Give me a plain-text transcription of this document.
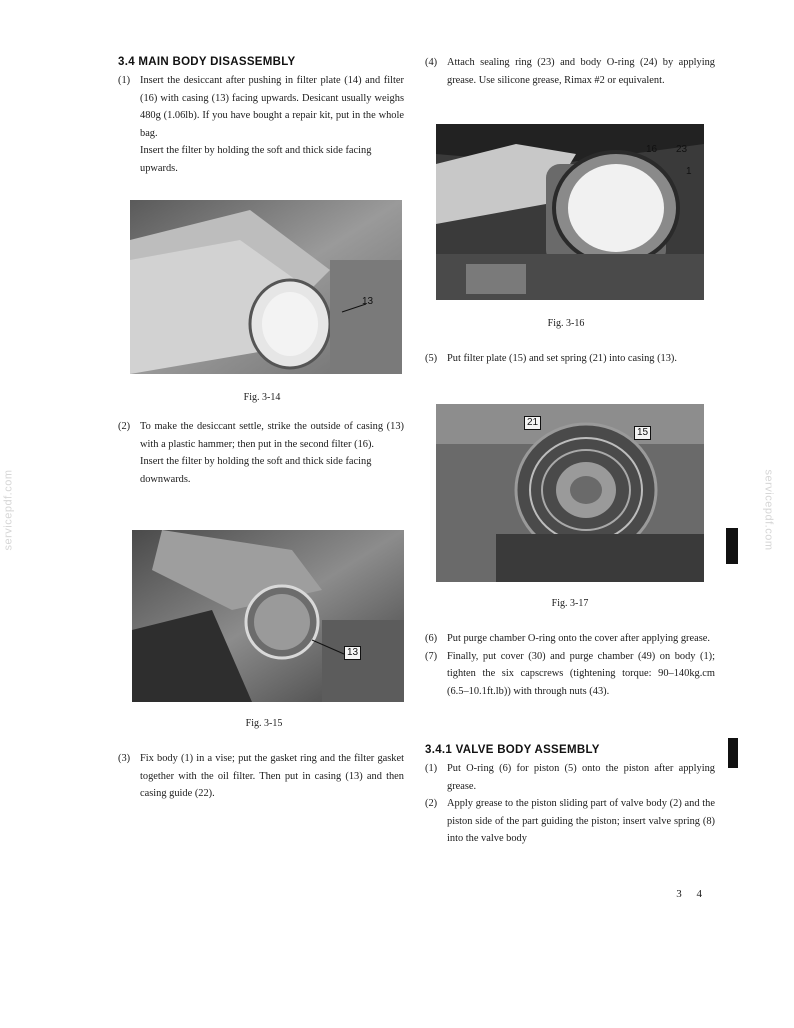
servicepdf.com	servicepdf.com
3.4 MAIN BODY DISASSEMBLY
(1) Insert the desiccant after pushing in filter plate (14) and filter (16) with casing (13) facing upwards. Desicant usually weighs 480g (1.06lb). If you have bought a repair kit, put in the whole bag.
Insert the filter by holding the soft and thick side facing upwards.
13
Fig. 3-14
(2) To make the desiccant settle, strike the outside of casing (13) with a plastic hammer; then put in the second filter (16).
Insert the filter by holding the soft and thick side facing downwards.
13
Fig. 3-15
(3) Fix body (1) in a vise; put the gasket ring and the filter gasket together with the oil filter. Then put in casing (13) and then casing guide (22).
(4) Attach sealing ring (23) and body O-ring (24) by applying grease. Use silicone grease, Rimax #2 or equivalent.
16 23
1
Fig. 3-16
(5) Put filter plate (15) and set spring (21) into casing (13).
21
15
Fig. 3-17
(6) Put purge chamber O-ring onto the cover after applying grease.
(7) Finally, put cover (30) and purge chamber (49) on body (1); tighten the six capscrews (tightening torque: 90–140kg.cm (6.5–10.1ft.lb)) with through nuts (43).
3.4.1 VALVE BODY ASSEMBLY
(1) Put O-ring (6) for piston (5) onto the piston after applying grease.
(2) Apply grease to the piston sliding part of valve body (2) and the piston side of the part guiding the piston; insert valve spring (8) into the valve body
3 4
